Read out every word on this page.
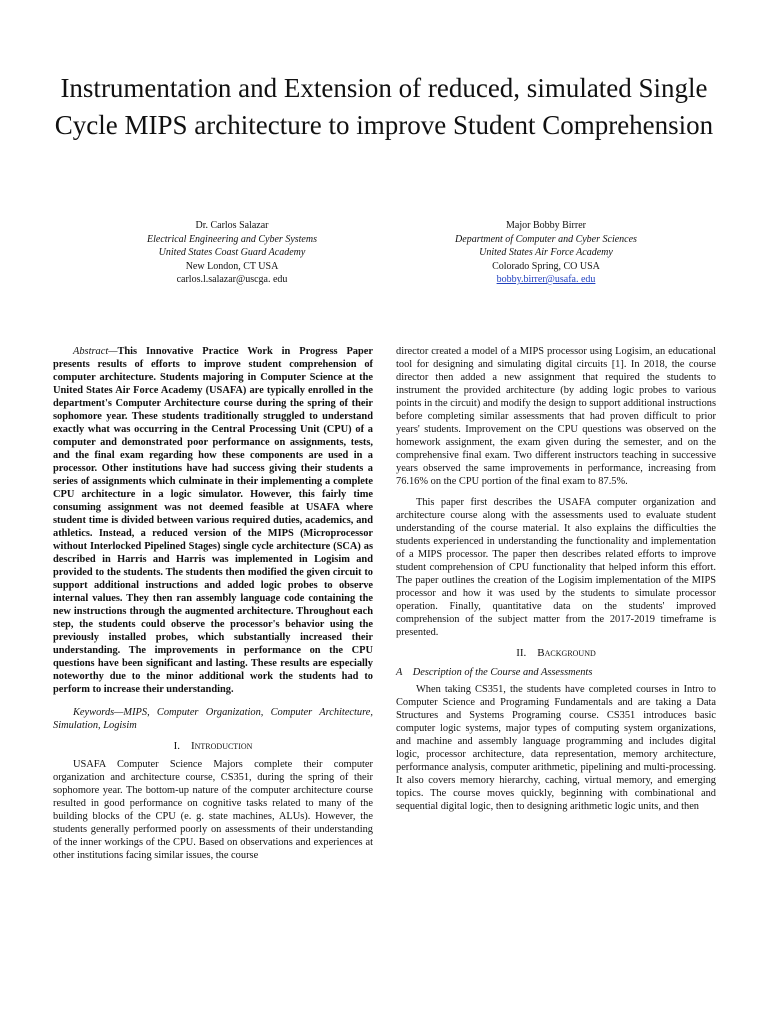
Instrumentation and Extension of reduced, simulated Single Cycle MIPS architecture to improve Student Comprehension
Dr. Carlos Salazar
Electrical Engineering and Cyber Systems
United States Coast Guard Academy
New London, CT USA
carlos.l.salazar@uscga. edu
Major Bobby Birrer
Department of Computer and Cyber Sciences
United States Air Force Academy
Colorado Spring, CO USA
bobby.birrer@usafa. edu

Abstract—This Innovative Practice Work in Progress Paper presents results of efforts to improve student comprehension of computer architecture. Students majoring in Computer Science at the United States Air Force Academy (USAFA) are typically enrolled in the department's Computer Architecture course during the spring of their sophomore year. These students traditionally struggled to understand exactly what was occurring in the Central Processing Unit (CPU) of a computer and demonstrated poor performance on assignments, tests, and the final exam regarding how these components are used in a processor. Other institutions have had success giving their students a series of assignments which culminate in their implementing a complete CPU architecture in a logic simulator. However, this fairly time consuming assignment was not deemed feasible at USAFA where student time is divided between various required duties, academics, and athletics. Instead, a reduced version of the MIPS (Microprocessor without Interlocked Pipelined Stages) single cycle architecture (SCA) as described in Harris and Harris was implemented in Logisim and provided to the students. The students then modified the given circuit to support additional instructions and added logic probes to observe internal values. They then ran assembly language code containing the new instructions through the augmented architecture. Throughout each step, the students could observe the processor's behavior using the previously installed probes, which substantially increased their understanding. The improvements in performance on the CPU questions have been significant and lasting. These results are especially noteworthy due to the minor additional work the students had to perform to increase their understanding.

Keywords—MIPS, Computer Organization, Computer Architecture, Simulation, Logisim

I. Introduction

USAFA Computer Science Majors complete their computer organization and architecture course, CS351, during the spring of their sophomore year. The bottom-up nature of the computer architecture course resulted in good performance on cognitive tasks related to many of the building blocks of the CPU (e. g. state machines, ALUs). However, the students generally performed poorly on assessments of their understanding of the inner workings of the CPU. Based on observations and experiences at other institutions facing similar issues, the course

director created a model of a MIPS processor using Logisim, an educational tool for designing and simulating digital circuits [1]. In 2018, the course director then added a new assignment that required the students to instrument the provided architecture (by adding logic probes to various points in the circuit) and modify the design to support additional instructions before completing similar assessments that had proven difficult to prior years' students. Improvement on the CPU questions was observed on the homework assignment, the exam given during the semester, and on the comprehensive final exam. Two different instructors teaching in successive years observed the same improvements in performance, increasing from 76.16% on the CPU portion of the final exam to 87.5%.

This paper first describes the USAFA computer organization and architecture course along with the assessments used to evaluate student understanding of the course material. It also explains the difficulties the students experienced in understanding the functionality and implementation of a MIPS processor. The paper then describes related efforts to improve student comprehension of CPU functionality that helped inform this effort. The paper outlines the creation of the Logisim implementation of the MIPS processor and how it was used by the students to simulate processor operation. Finally, quantitative data on the students' improved comprehension of the subject matter from the 2017-2019 timeframe is presented.

II. Background
A Description of the Course and Assessments

When taking CS351, the students have completed courses in Intro to Computer Science and Programing Fundamentals and are taking a Data Structures and Systems Programing course. CS351 introduces basic computer logic systems, major types of computing system organizations, and machine and assembly language programming and includes digital logic, processor architecture, data representation, memory architecture, performance analysis, computer arithmetic, pipelining and multi-processing. It also covers memory hierarchy, caching, virtual memory, and emerging topics. The course moves quickly, beginning with combinational and sequential digital logic, then to designing arithmetic logic units, and then
